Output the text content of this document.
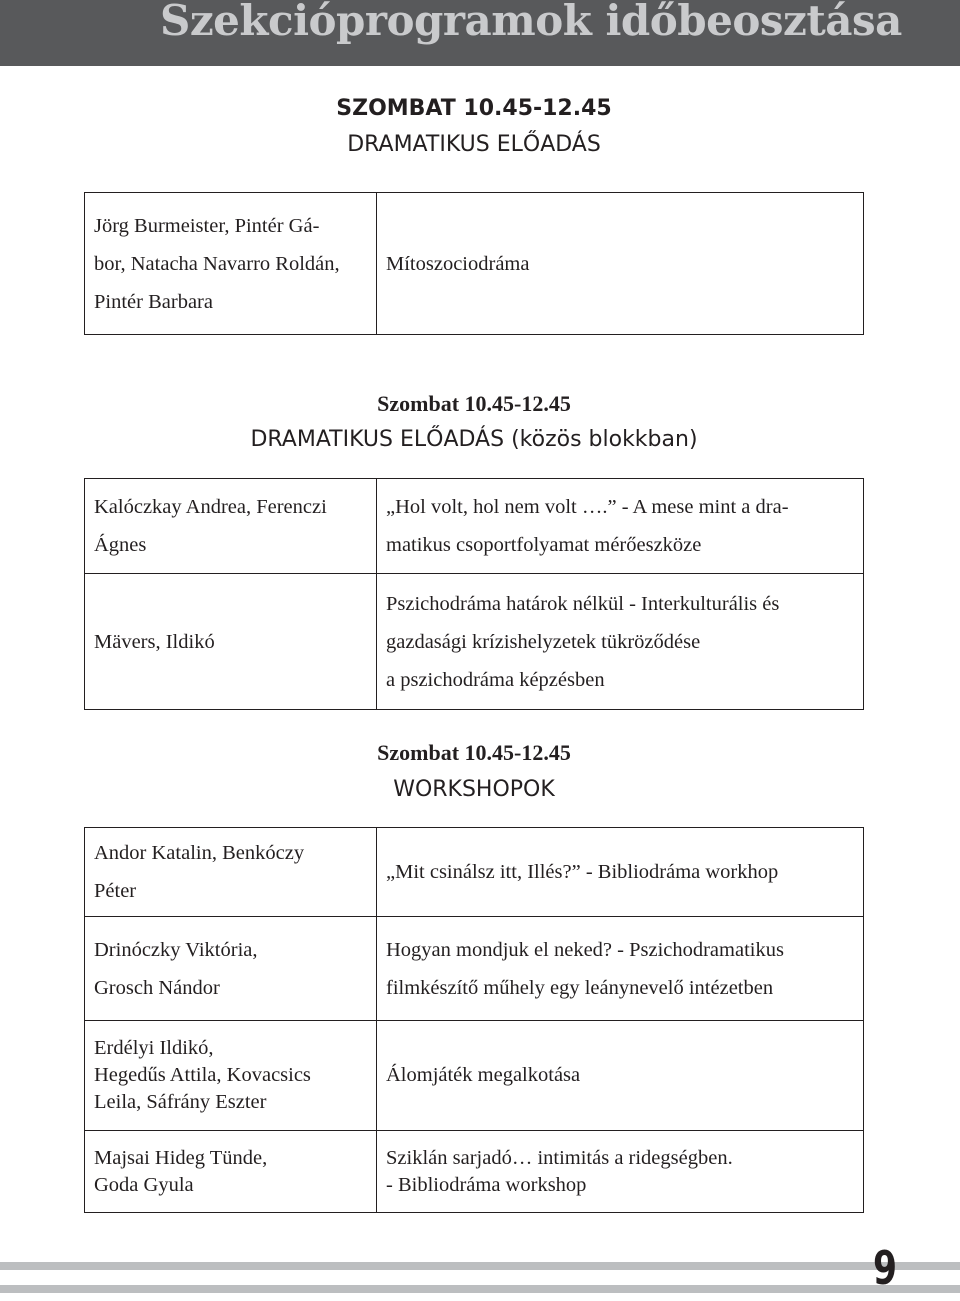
Szekcióprogramok időbeosztása
SZOMBAT 10.45-12.45
DRAMATIKUS ELŐADÁS
Jörg Burmeister, Pintér Gá-
bor, Natacha Navarro Roldán,
Pintér Barbara
Mítoszociodráma
Szombat 10.45-12.45
DRAMATIKUS ELŐADÁS (közös blokkban)
Kalóczkay Andrea, Ferenczi
Ágnes
„Hol volt, hol nem volt ….” - A mese mint a dra-
matikus csoportfolyamat mérőeszköze
Mävers, Ildikó
Pszichodráma határok nélkül - Interkulturális és
gazdasági krízishelyzetek tükröződése
a pszichodráma képzésben
Szombat 10.45-12.45
WORKSHOPOK
Andor Katalin, Benkóczy
Péter
„Mit csinálsz itt, Illés?” - Bibliodráma workhop
Drinóczky Viktória,
Grosch Nándor
Hogyan mondjuk el neked? - Pszichodramatikus
filmkészítő műhely egy leánynevelő intézetben
Erdélyi Ildikó,
Hegedűs Attila, Kovacsics
Leila, Sáfrány Eszter
Álomjáték megalkotása
Majsai Hideg Tünde,
Goda Gyula
Sziklán sarjadó… intimitás a ridegségben.
- Bibliodráma workshop
9
